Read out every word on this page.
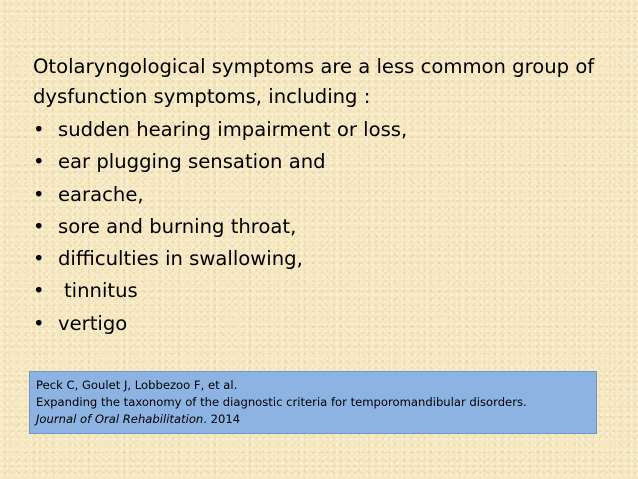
Otolaryngological symptoms are a less common group of dysfunction symptoms, including :

• sudden hearing impairment or loss,
• ear plugging sensation and
• earache,
• sore and burning throat,
• difficulties in swallowing,
• tinnitus
• vertigo
Peck C, Goulet J, Lobbezoo F, et al.
Expanding the taxonomy of the diagnostic criteria for temporomandibular disorders.
Journal of Oral Rehabilitation. 2014
